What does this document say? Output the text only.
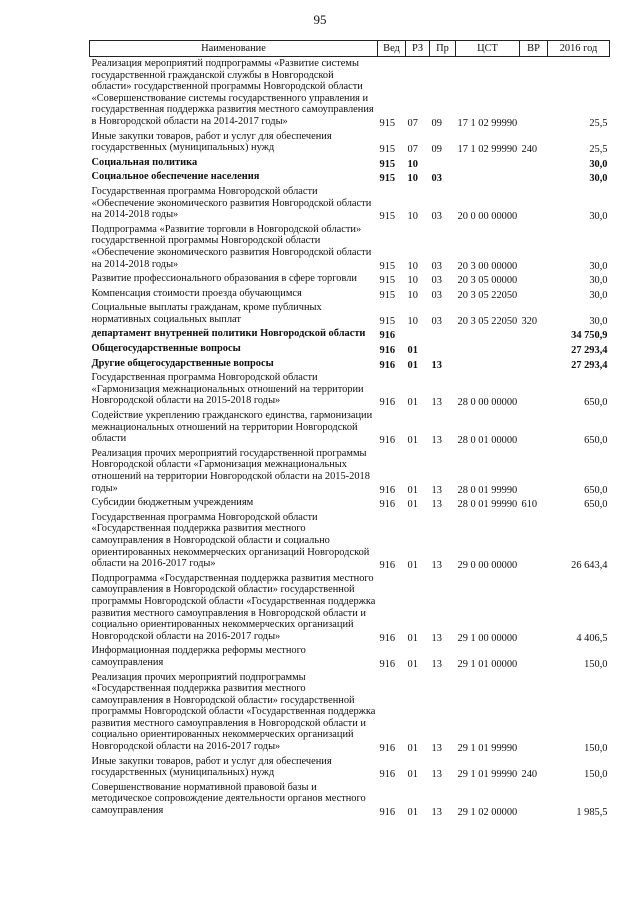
95
Наименование	Вед	РЗ	Пр	ЦСТ	ВР	2016 год
Реализация мероприятий подпрограммы «Развитие системы государственной гражданской службы в Новгородской области» государственной программы Новгородской области «Совершенствование системы государственного управления и государственная поддержка развития местного самоуправления в Новгородской области на 2014-2017 годы»	915	07	09	17 1 02 99990		25,5
Иные закупки товаров, работ и услуг для обеспечения государственных (муниципальных) нужд	915	07	09	17 1 02 99990	240	25,5
Социальная политика	915	10				30,0
Социальное обеспечение населения	915	10	03			30,0
Государственная программа Новгородской области «Обеспечение экономического развития Новгородской области на 2014-2018 годы»	915	10	03	20 0 00 00000		30,0
Подпрограмма «Развитие торговли в Новгородской области» государственной программы Новгородской области «Обеспечение экономического развития Новгородской области на 2014-2018 годы»	915	10	03	20 3 00 00000		30,0
Развитие профессионального образования в сфере торговли	915	10	03	20 3 05 00000		30,0
Компенсация стоимости проезда обучающимся	915	10	03	20 3 05 22050		30,0
Социальные выплаты гражданам, кроме публичных нормативных социальных выплат	915	10	03	20 3 05 22050	320	30,0
департамент внутренней политики Новгородской области	916					34 750,9
Общегосударственные вопросы	916	01				27 293,4
Другие общегосударственные вопросы	916	01	13			27 293,4
Государственная программа Новгородской области «Гармонизация межнациональных отношений на территории Новгородской области на 2015-2018 годы»	916	01	13	28 0 00 00000		650,0
Содействие укреплению гражданского единства, гармонизации межнациональных отношений на территории Новгородской области	916	01	13	28 0 01 00000		650,0
Реализация прочих мероприятий государственной программы Новгородской области «Гармонизация межнациональных отношений на территории Новгородской области на 2015-2018 годы»	916	01	13	28 0 01 99990		650,0
Субсидии бюджетным учреждениям	916	01	13	28 0 01 99990	610	650,0
Государственная программа Новгородской области «Государственная поддержка развития местного самоуправления в Новгородской области и социально ориентированных некоммерческих организаций Новгородской области на 2016-2017 годы»	916	01	13	29 0 00 00000		26 643,4
Подпрограмма «Государственная поддержка развития местного самоуправления в Новгородской области» государственной программы Новгородской области «Государственная поддержка развития местного самоуправления в Новгородской области и социально ориентированных некоммерческих организаций Новгородской области на 2016-2017 годы»	916	01	13	29 1 00 00000		4 406,5
Информационная поддержка реформы местного самоуправления	916	01	13	29 1 01 00000		150,0
Реализация прочих мероприятий подпрограммы «Государственная поддержка развития местного самоуправления в Новгородской области» государственной программы Новгородской области «Государственная поддержка развития местного самоуправления в Новгородской области и социально ориентированных некоммерческих организаций Новгородской области на 2016-2017 годы»	916	01	13	29 1 01 99990		150,0
Иные закупки товаров, работ и услуг для обеспечения государственных (муниципальных) нужд	916	01	13	29 1 01 99990	240	150,0
Совершенствование нормативной правовой базы и методическое сопровождение деятельности органов местного самоуправления	916	01	13	29 1 02 00000		1 985,5
